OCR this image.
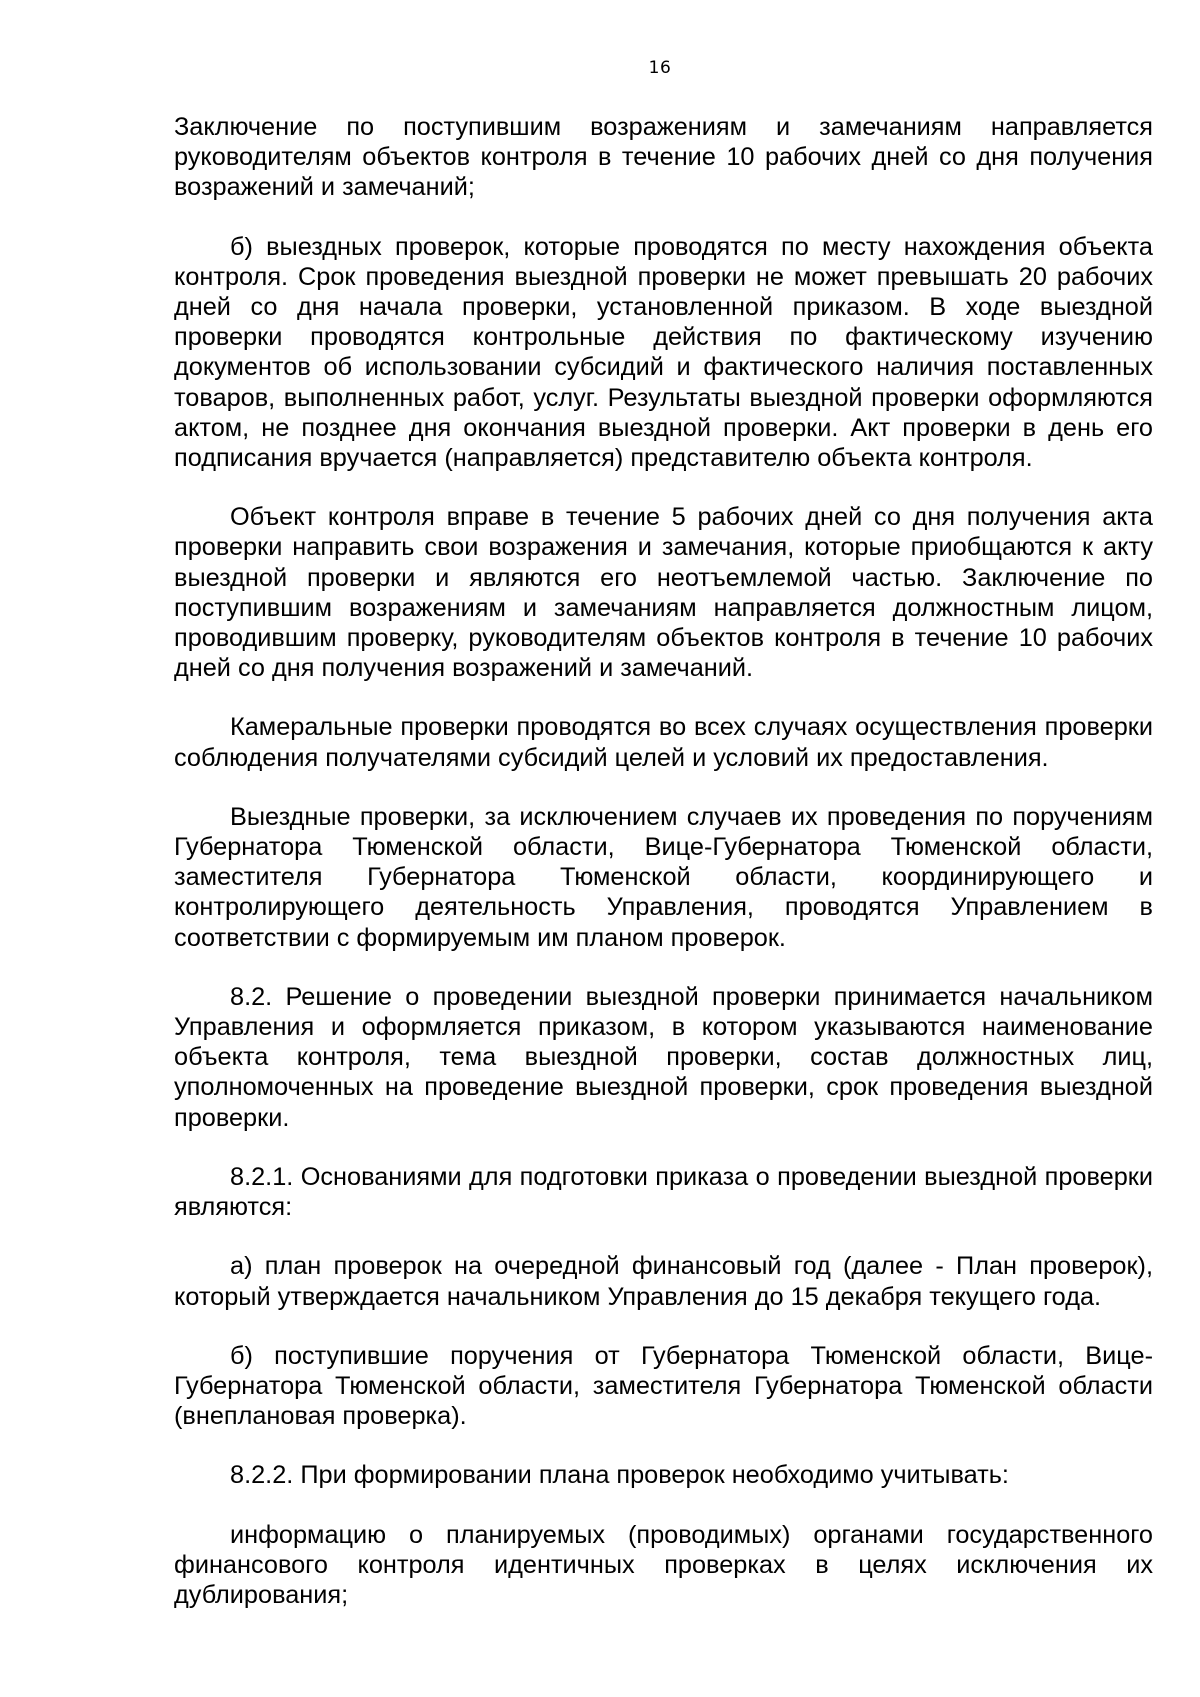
16

Заключение по поступившим возражениям и замечаниям направляется руководителям объектов контроля в течение 10 рабочих дней со дня получения возражений и замечаний;

б) выездных проверок, которые проводятся по месту нахождения объекта контроля. Срок проведения выездной проверки не может превышать 20 рабочих дней со дня начала проверки, установленной приказом. В ходе выездной проверки проводятся контрольные действия по фактическому изучению документов об использовании субсидий и фактического наличия поставленных товаров, выполненных работ, услуг. Результаты выездной проверки оформляются актом, не позднее дня окончания выездной проверки. Акт проверки в день его подписания вручается (направляется) представителю объекта контроля.

Объект контроля вправе в течение 5 рабочих дней со дня получения акта проверки направить свои возражения и замечания, которые приобщаются к акту выездной проверки и являются его неотъемлемой частью. Заключение по поступившим возражениям и замечаниям направляется должностным лицом, проводившим проверку, руководителям объектов контроля в течение 10 рабочих дней со дня получения возражений и замечаний.

Камеральные проверки проводятся во всех случаях осуществления проверки соблюдения получателями субсидий целей и условий их предоставления.

Выездные проверки, за исключением случаев их проведения по поручениям Губернатора Тюменской области, Вице-Губернатора Тюменской области, заместителя Губернатора Тюменской области, координирующего и контролирующего деятельность Управления, проводятся Управлением в соответствии с формируемым им планом проверок.

8.2. Решение о проведении выездной проверки принимается начальником Управления и оформляется приказом, в котором указываются наименование объекта контроля, тема выездной проверки, состав должностных лиц, уполномоченных на проведение выездной проверки, срок проведения выездной проверки.

8.2.1. Основаниями для подготовки приказа о проведении выездной проверки являются:

а) план проверок на очередной финансовый год (далее - План проверок), который утверждается начальником Управления до 15 декабря текущего года.

б) поступившие поручения от Губернатора Тюменской области, Вице-Губернатора Тюменской области, заместителя Губернатора Тюменской области (внеплановая проверка).

8.2.2. При формировании плана проверок необходимо учитывать:

информацию о планируемых (проводимых) органами государственного финансового контроля идентичных проверках в целях исключения их дублирования;
